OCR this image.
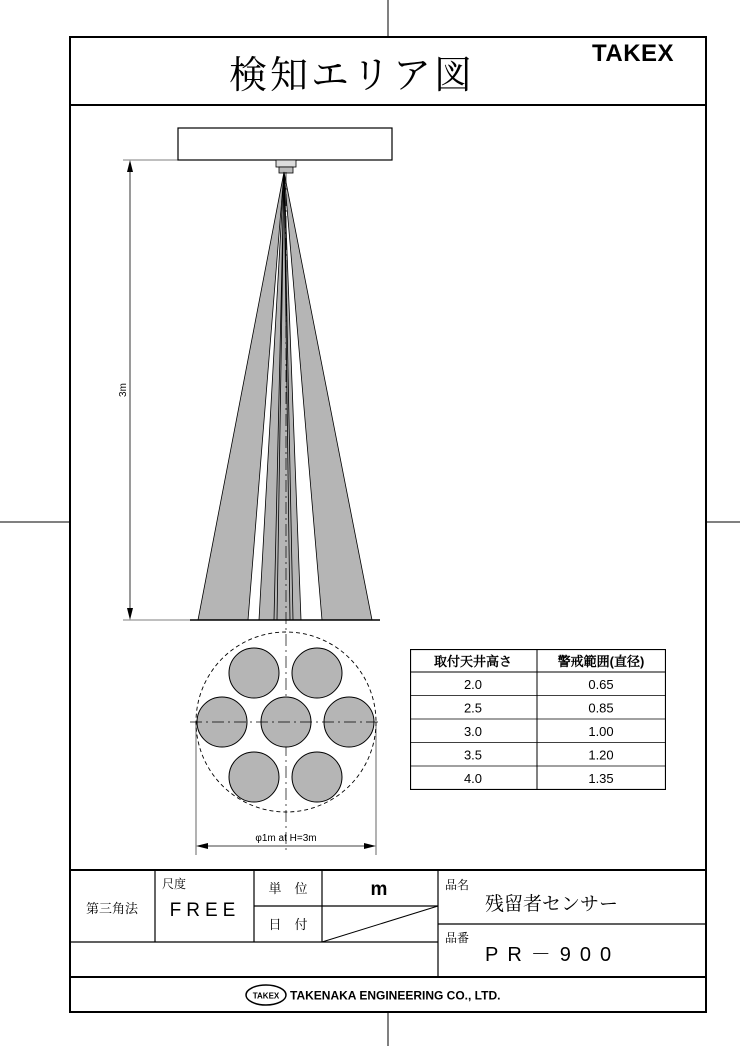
検知エリア図	TAKEX
3m
φ1m at H=3m
取付天井高さ	警戒範囲(直径)
2.0	0.65
2.5	0.85
3.0	1.00
3.5	1.20
4.0	1.35
第三角法
尺度
FREE
単　位	m
日　付
品名
残留者センサー
品番
PR－900
TAKEX TAKENAKA ENGINEERING CO., LTD.
